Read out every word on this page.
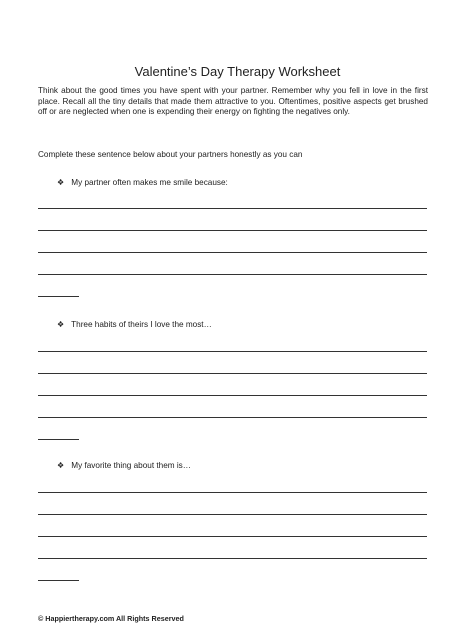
Valentine’s Day Therapy Worksheet
Think about the good times you have spent with your partner. Remember why you fell in love in the first place. Recall all the tiny details that made them attractive to you. Oftentimes, positive aspects get brushed off or are neglected when one is expending their energy on fighting the negatives only.
Complete these sentence below about your partners honestly as you can
❖ My partner often makes me smile because:
❖ Three habits of theirs I love the most…
❖ My favorite thing about them is…
© Happiertherapy.com All Rights Reserved
